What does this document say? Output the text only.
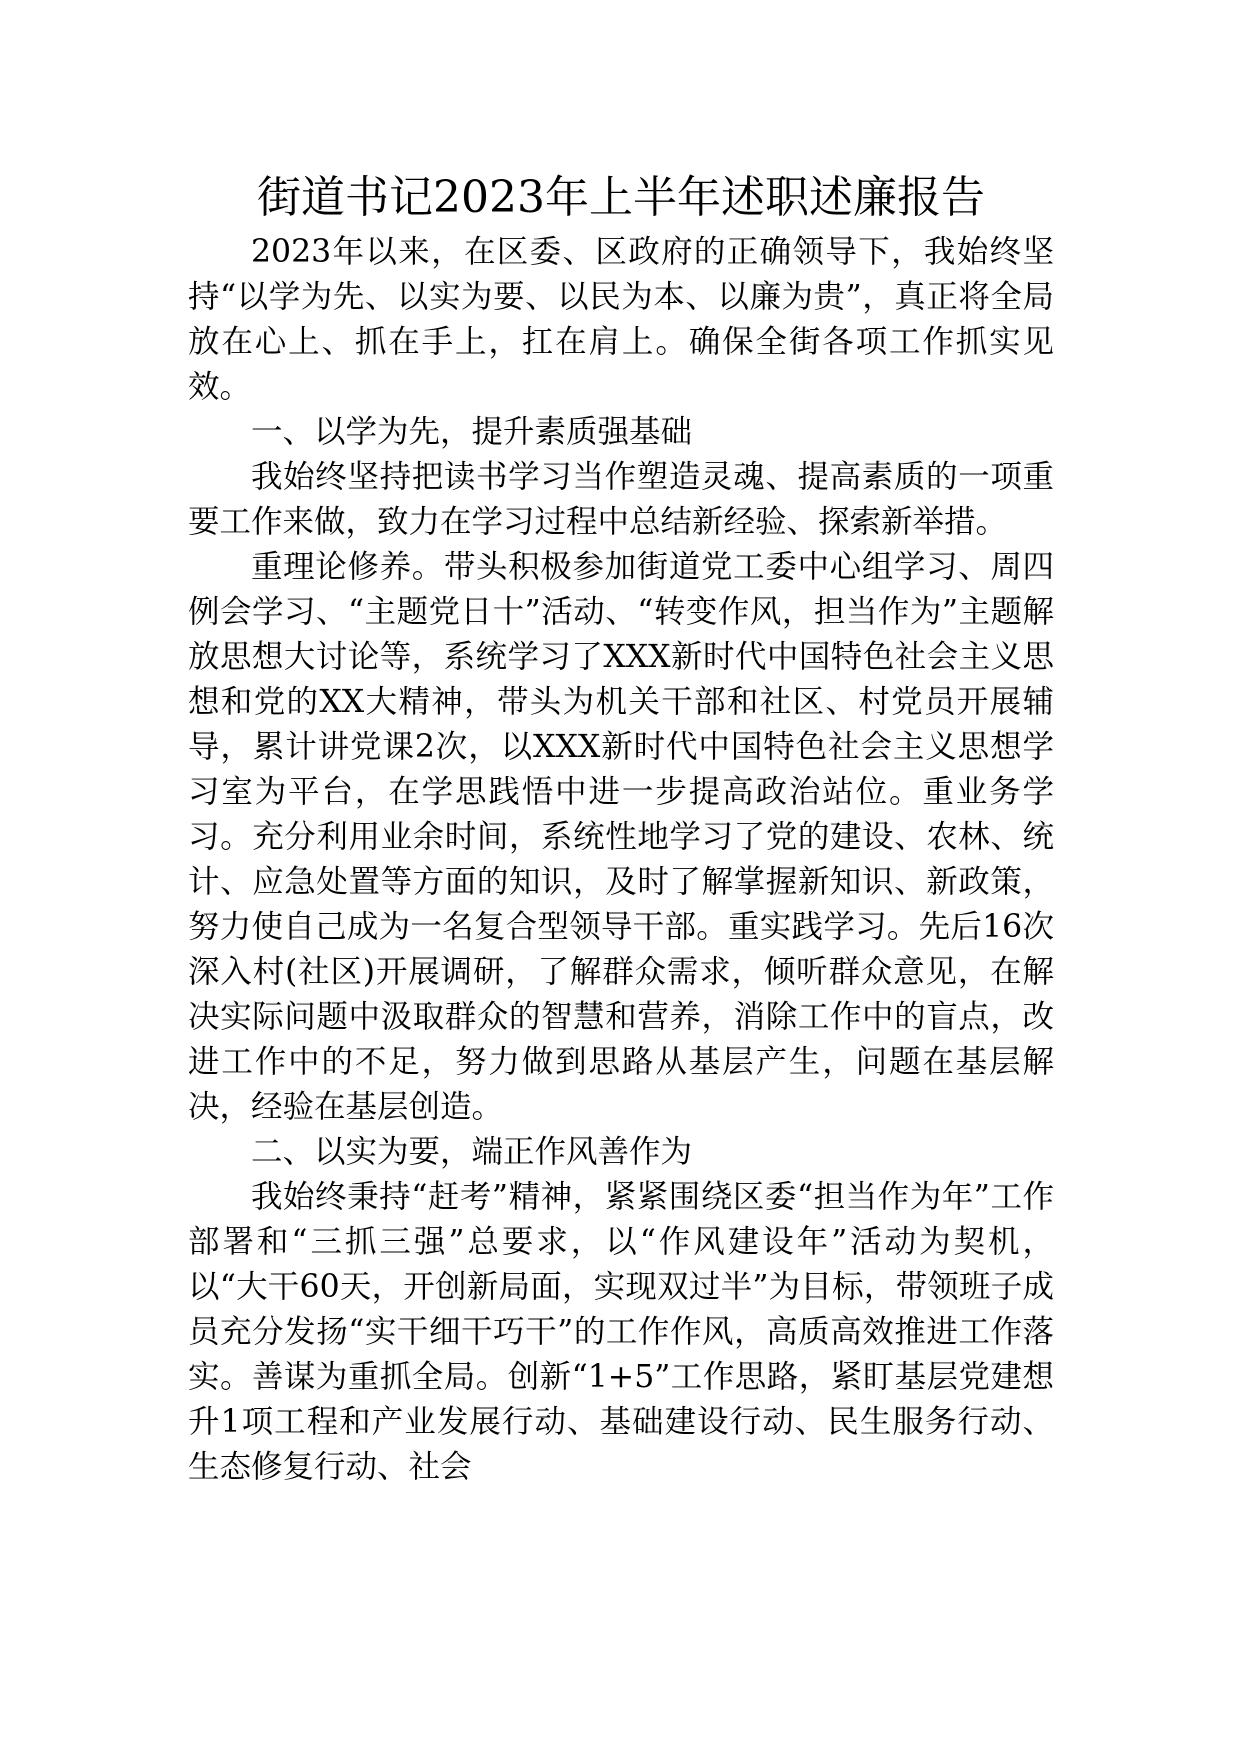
街道书记2023年上半年述职述廉报告

2023年以来，在区委、区政府的正确领导下，我始终坚持“以学为先、以实为要、以民为本、以廉为贵”，真正将全局放在心上、抓在手上，扛在肩上。确保全街各项工作抓实见效。

一、以学为先，提升素质强基础

我始终坚持把读书学习当作塑造灵魂、提高素质的一项重要工作来做，致力在学习过程中总结新经验、探索新举措。

重理论修养。带头积极参加街道党工委中心组学习、周四例会学习、“主题党日十”活动、“转变作风，担当作为”主题解放思想大讨论等，系统学习了XXX新时代中国特色社会主义思想和党的XX大精神，带头为机关干部和社区、村党员开展辅导，累计讲党课2次，以XXX新时代中国特色社会主义思想学习室为平台，在学思践悟中进一步提高政治站位。重业务学习。充分利用业余时间，系统性地学习了党的建设、农林、统计、应急处置等方面的知识，及时了解掌握新知识、新政策，努力使自己成为一名复合型领导干部。重实践学习。先后16次深入村(社区)开展调研，了解群众需求，倾听群众意见，在解决实际问题中汲取群众的智慧和营养，消除工作中的盲点，改进工作中的不足，努力做到思路从基层产生，问题在基层解决，经验在基层创造。

二、以实为要，端正作风善作为

我始终秉持“赶考”精神，紧紧围绕区委“担当作为年”工作部署和“三抓三强”总要求，以“作风建设年”活动为契机，以“大干60天，开创新局面，实现双过半”为目标，带领班子成员充分发扬“实干细干巧干”的工作作风，高质高效推进工作落实。善谋为重抓全局。创新“1+5”工作思路，紧盯基层党建想升1项工程和产业发展行动、基础建设行动、民生服务行动、生态修复行动、社会
